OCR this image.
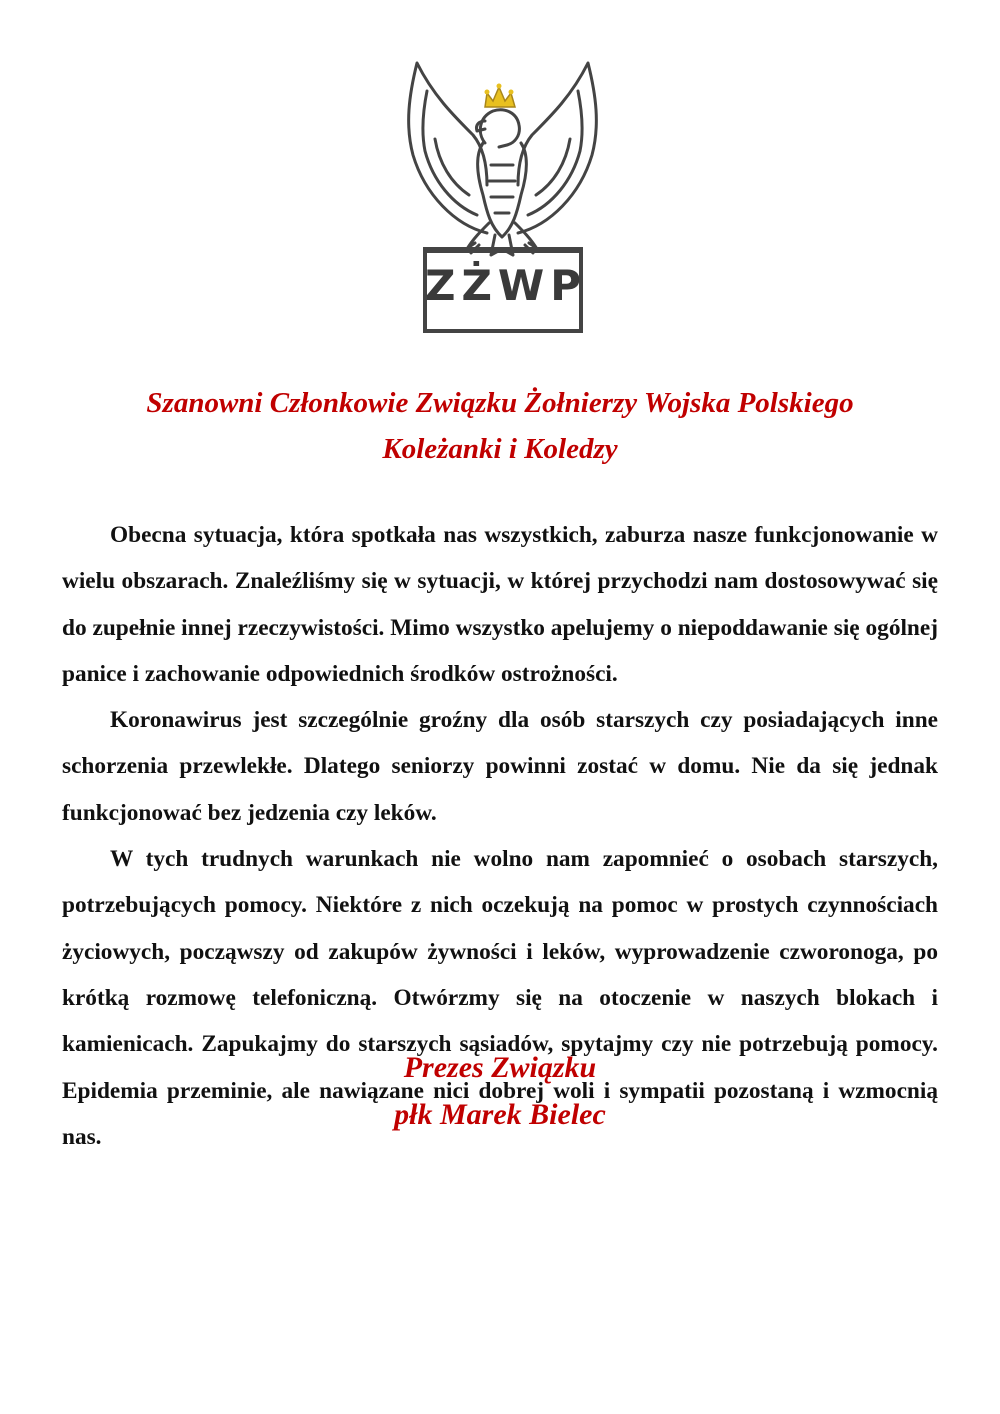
ZŻWP
Szanowni Członkowie Związku Żołnierzy Wojska Polskiego
Koleżanki i Koledzy

Obecna sytuacja, która spotkała nas wszystkich, zaburza nasze funkcjonowanie w wielu obszarach. Znaleźliśmy się w sytuacji, w której przychodzi nam dostosowywać się do zupełnie innej rzeczywistości. Mimo wszystko apelujemy o niepoddawanie się ogólnej panice i zachowanie odpowiednich środków ostrożności.

Koronawirus jest szczególnie groźny dla osób starszych czy posiadających inne schorzenia przewlekłe. Dlatego seniorzy powinni zostać w domu. Nie da się jednak funkcjonować bez jedzenia czy leków.

W tych trudnych warunkach nie wolno nam zapomnieć o osobach starszych, potrzebujących pomocy. Niektóre z nich oczekują na pomoc w prostych czynnościach życiowych, począwszy od zakupów żywności i leków, wyprowadzenie czworonoga, po krótką rozmowę telefoniczną. Otwórzmy się na otoczenie w naszych blokach i kamienicach. Zapukajmy do starszych sąsiadów, spytajmy czy nie potrzebują pomocy. Epidemia przeminie, ale nawiązane nici dobrej woli i sympatii pozostaną i wzmocnią nas.

Prezes Związku
płk Marek Bielec
